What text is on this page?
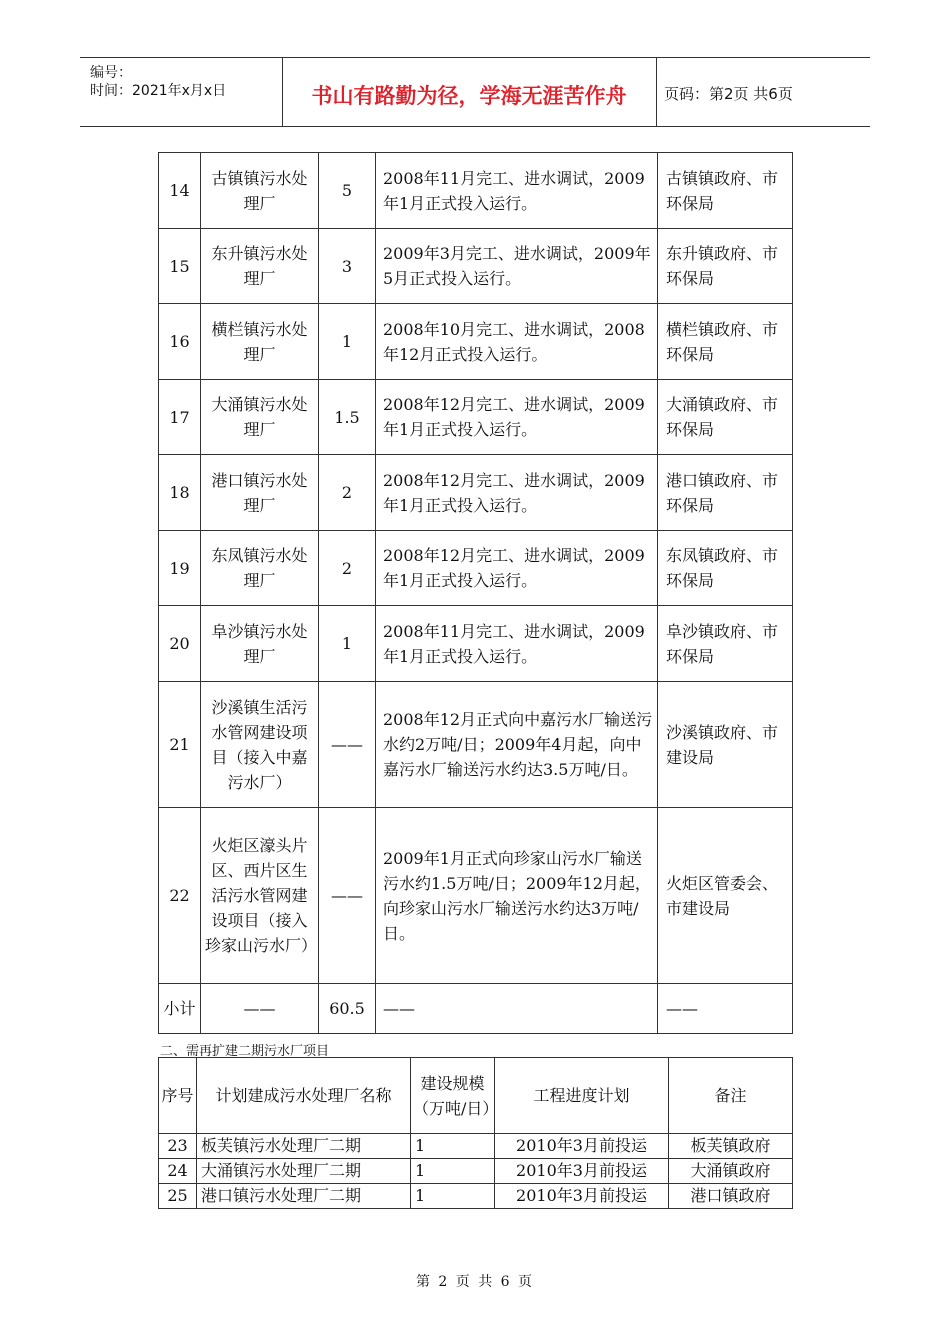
编号：
时间：2021年x月x日	书山有路勤为径，学海无涯苦作舟	页码：第2页 共6页
14	古镇镇污水处理厂	5	2008年11月完工、进水调试，2009年1月正式投入运行。	古镇镇政府、市环保局
15	东升镇污水处理厂	3	2009年3月完工、进水调试，2009年5月正式投入运行。	东升镇政府、市环保局
16	横栏镇污水处理厂	1	2008年10月完工、进水调试，2008年12月正式投入运行。	横栏镇政府、市环保局
17	大涌镇污水处理厂	1.5	2008年12月完工、进水调试，2009年1月正式投入运行。	大涌镇政府、市环保局
18	港口镇污水处理厂	2	2008年12月完工、进水调试，2009年1月正式投入运行。	港口镇政府、市环保局
19	东凤镇污水处理厂	2	2008年12月完工、进水调试，2009年1月正式投入运行。	东凤镇政府、市环保局
20	阜沙镇污水处理厂	1	2008年11月完工、进水调试，2009年1月正式投入运行。	阜沙镇政府、市环保局
21	沙溪镇生活污水管网建设项目（接入中嘉污水厂）	——	2008年12月正式向中嘉污水厂输送污水约2万吨/日；2009年4月起，向中嘉污水厂输送污水约达3.5万吨/日。	沙溪镇政府、市建设局
22	火炬区濠头片区、西片区生活污水管网建设项目（接入珍家山污水厂）	——	2009年1月正式向珍家山污水厂输送污水约1.5万吨/日；2009年12月起，向珍家山污水厂输送污水约达3万吨/日。	火炬区管委会、市建设局
小计	——	60.5	——	——
二、需再扩建二期污水厂项目
序号	计划建成污水处理厂名称	建设规模（万吨/日）	工程进度计划	备注
23	板芙镇污水处理厂二期	1	2010年3月前投运	板芙镇政府
24	大涌镇污水处理厂二期	1	2010年3月前投运	大涌镇政府
25	港口镇污水处理厂二期	1	2010年3月前投运	港口镇政府
第 2 页 共 6 页
